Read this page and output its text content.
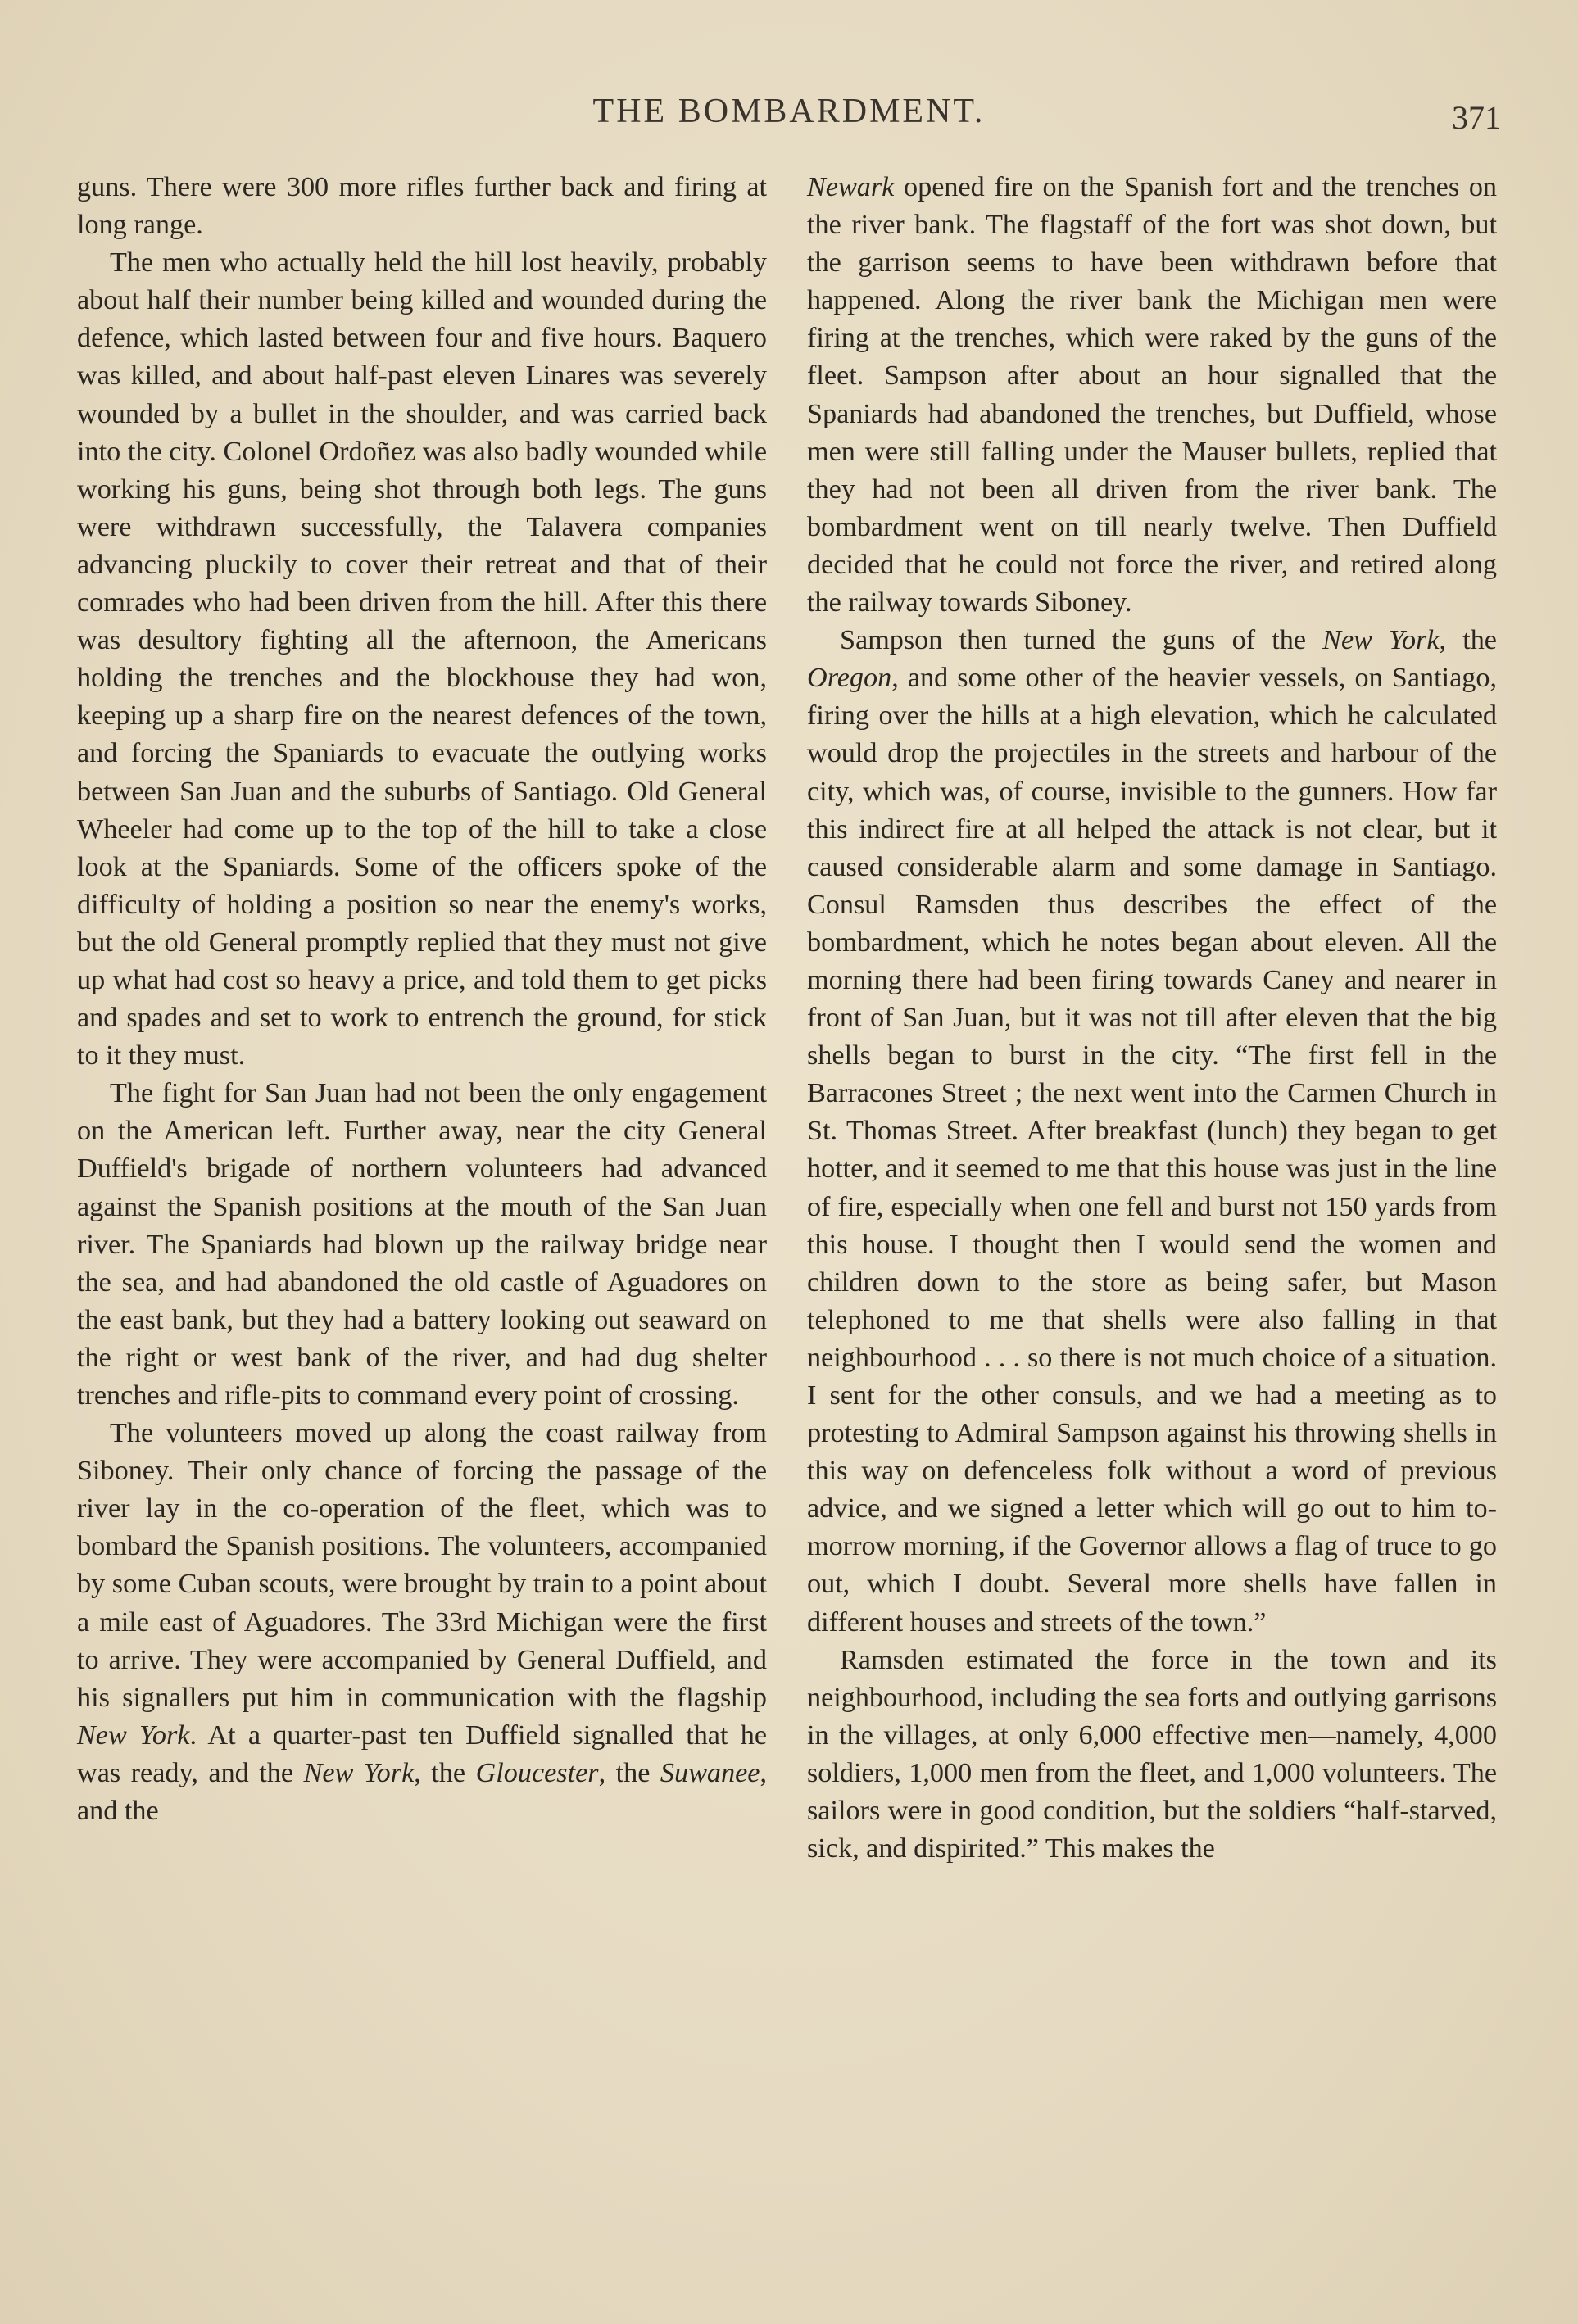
THE BOMBARDMENT.	371

guns. There were 300 more rifles further back and firing at long range.

The men who actually held the hill lost heavily, probably about half their number being killed and wounded during the defence, which lasted between four and five hours. Baquero was killed, and about half-past eleven Linares was severely wounded by a bullet in the shoulder, and was carried back into the city. Colonel Ordoñez was also badly wounded while working his guns, being shot through both legs. The guns were withdrawn successfully, the Talavera companies advancing pluckily to cover their retreat and that of their comrades who had been driven from the hill. After this there was desultory fighting all the afternoon, the Americans holding the trenches and the blockhouse they had won, keeping up a sharp fire on the nearest defences of the town, and forcing the Spaniards to evacuate the outlying works between San Juan and the suburbs of Santiago. Old General Wheeler had come up to the top of the hill to take a close look at the Spaniards. Some of the officers spoke of the difficulty of holding a position so near the enemy's works, but the old General promptly replied that they must not give up what had cost so heavy a price, and told them to get picks and spades and set to work to entrench the ground, for stick to it they must.

The fight for San Juan had not been the only engagement on the American left. Further away, near the city General Duffield's brigade of northern volunteers had advanced against the Spanish positions at the mouth of the San Juan river. The Spaniards had blown up the railway bridge near the sea, and had abandoned the old castle of Aguadores on the east bank, but they had a battery looking out seaward on the right or west bank of the river, and had dug shelter trenches and rifle-pits to command every point of crossing.

The volunteers moved up along the coast railway from Siboney. Their only chance of forcing the passage of the river lay in the co-operation of the fleet, which was to bombard the Spanish positions. The volunteers, accompanied by some Cuban scouts, were brought by train to a point about a mile east of Aguadores. The 33rd Michigan were the first to arrive. They were accompanied by General Duffield, and his signallers put him in communication with the flagship New York. At a quarter-past ten Duffield signalled that he was ready, and the New York, the Gloucester, the Suwanee, and the

Newark opened fire on the Spanish fort and the trenches on the river bank. The flagstaff of the fort was shot down, but the garrison seems to have been withdrawn before that happened. Along the river bank the Michigan men were firing at the trenches, which were raked by the guns of the fleet. Sampson after about an hour signalled that the Spaniards had abandoned the trenches, but Duffield, whose men were still falling under the Mauser bullets, replied that they had not been all driven from the river bank. The bombardment went on till nearly twelve. Then Duffield decided that he could not force the river, and retired along the railway towards Siboney.

Sampson then turned the guns of the New York, the Oregon, and some other of the heavier vessels, on Santiago, firing over the hills at a high elevation, which he calculated would drop the projectiles in the streets and harbour of the city, which was, of course, invisible to the gunners. How far this indirect fire at all helped the attack is not clear, but it caused considerable alarm and some damage in Santiago. Consul Ramsden thus describes the effect of the bombardment, which he notes began about eleven. All the morning there had been firing towards Caney and nearer in front of San Juan, but it was not till after eleven that the big shells began to burst in the city. “The first fell in the Barracones Street ; the next went into the Carmen Church in St. Thomas Street. After breakfast (lunch) they began to get hotter, and it seemed to me that this house was just in the line of fire, especially when one fell and burst not 150 yards from this house. I thought then I would send the women and children down to the store as being safer, but Mason telephoned to me that shells were also falling in that neighbourhood . . . so there is not much choice of a situation. I sent for the other consuls, and we had a meeting as to protesting to Admiral Sampson against his throwing shells in this way on defenceless folk without a word of previous advice, and we signed a letter which will go out to him to-morrow morning, if the Governor allows a flag of truce to go out, which I doubt. Several more shells have fallen in different houses and streets of the town.”

Ramsden estimated the force in the town and its neighbourhood, including the sea forts and outlying garrisons in the villages, at only 6,000 effective men—namely, 4,000 soldiers, 1,000 men from the fleet, and 1,000 volunteers. The sailors were in good condition, but the soldiers “half-starved, sick, and dispirited.” This makes the
